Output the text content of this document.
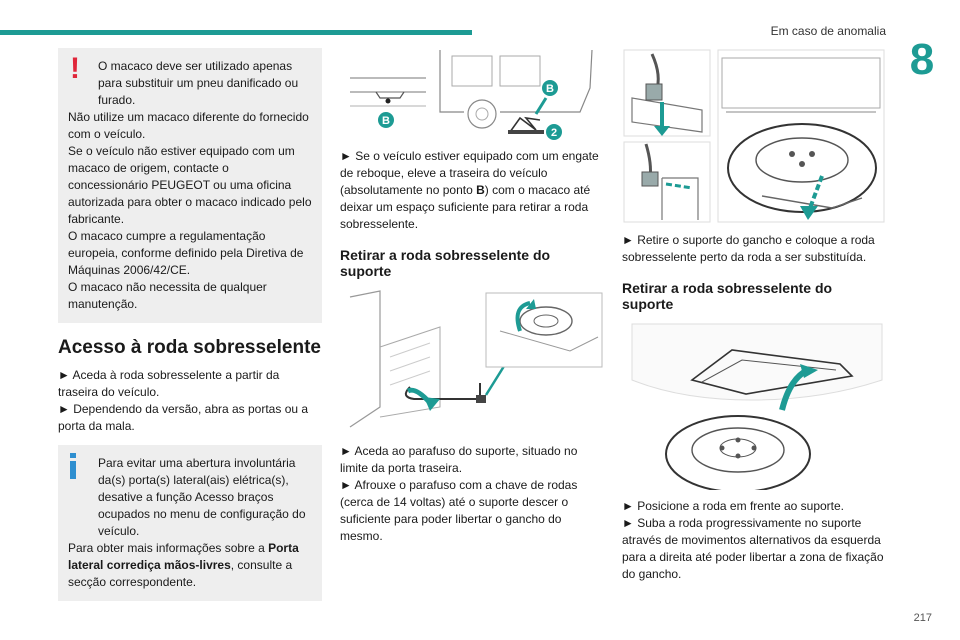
Em caso de anomalia
8
217
!	O macaco deve ser utilizado apenas para substituir um pneu danificado ou furado.

Não utilize um macaco diferente do fornecido com o veículo.

Se o veículo não estiver equipado com um macaco de origem, contacte o concessionário PEUGEOT ou uma oficina autorizada para obter o macaco indicado pelo fabricante.

O macaco cumpre a regulamentação europeia, conforme definido pela Diretiva de Máquinas 2006/42/CE.

O macaco não necessita de qualquer manutenção.

Acesso à roda sobresselente

► Aceda à roda sobresselente a partir da traseira do veículo.

► Dependendo da versão, abra as portas ou a porta da mala.

Para evitar uma abertura involuntária da(s) porta(s) lateral(ais) elétrica(s), desative a função Acesso braços ocupados no menu de configuração do veículo.

Para obter mais informações sobre a Porta lateral corrediça mãos-livres, consulte a secção correspondente.

B
B
2

► Se o veículo estiver equipado com um engate de reboque, eleve a traseira do veículo (absolutamente no ponto B) com o macaco até deixar um espaço suficiente para retirar a roda sobresselente.

Retirar a roda sobresselente do suporte

► Aceda ao parafuso do suporte, situado no limite da porta traseira.

► Afrouxe o parafuso com a chave de rodas (cerca de 14 voltas) até o suporte descer o suficiente para poder libertar o gancho do mesmo.

► Retire o suporte do gancho e coloque a roda sobresselente perto da roda a ser substituída.

Retirar a roda sobresselente do suporte

► Posicione a roda em frente ao suporte.

► Suba a roda progressivamente no suporte através de movimentos alternativos da esquerda para a direita até poder libertar a zona de fixação do gancho.
